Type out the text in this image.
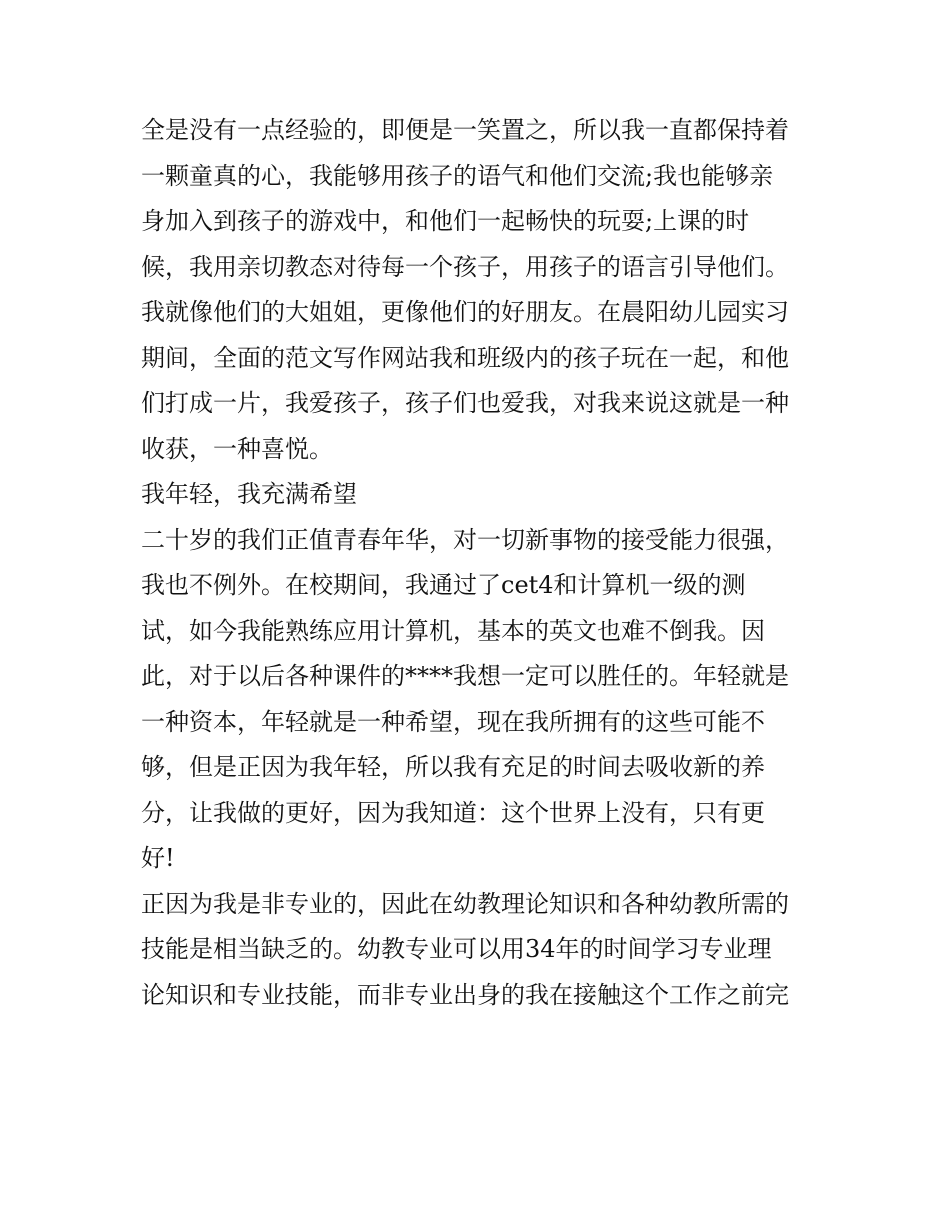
全是没有一点经验的，即便是一笑置之，所以我一直都保持着
一颗童真的心，我能够用孩子的语气和他们交流;我也能够亲
身加入到孩子的游戏中，和他们一起畅快的玩耍;上课的时
候，我用亲切教态对待每一个孩子，用孩子的语言引导他们。
我就像他们的大姐姐，更像他们的好朋友。在晨阳幼儿园实习
期间，全面的范文写作网站我和班级内的孩子玩在一起，和他
们打成一片，我爱孩子，孩子们也爱我，对我来说这就是一种
收获，一种喜悦。
我年轻，我充满希望
二十岁的我们正值青春年华，对一切新事物的接受能力很强，
我也不例外。在校期间，我通过了cet4和计算机一级的测
试，如今我能熟练应用计算机，基本的英文也难不倒我。因
此，对于以后各种课件的****我想一定可以胜任的。年轻就是
一种资本，年轻就是一种希望，现在我所拥有的这些可能不
够，但是正因为我年轻，所以我有充足的时间去吸收新的养
分，让我做的更好，因为我知道：这个世界上没有，只有更
好!
正因为我是非专业的，因此在幼教理论知识和各种幼教所需的
技能是相当缺乏的。幼教专业可以用34年的时间学习专业理
论知识和专业技能，而非专业出身的我在接触这个工作之前完
